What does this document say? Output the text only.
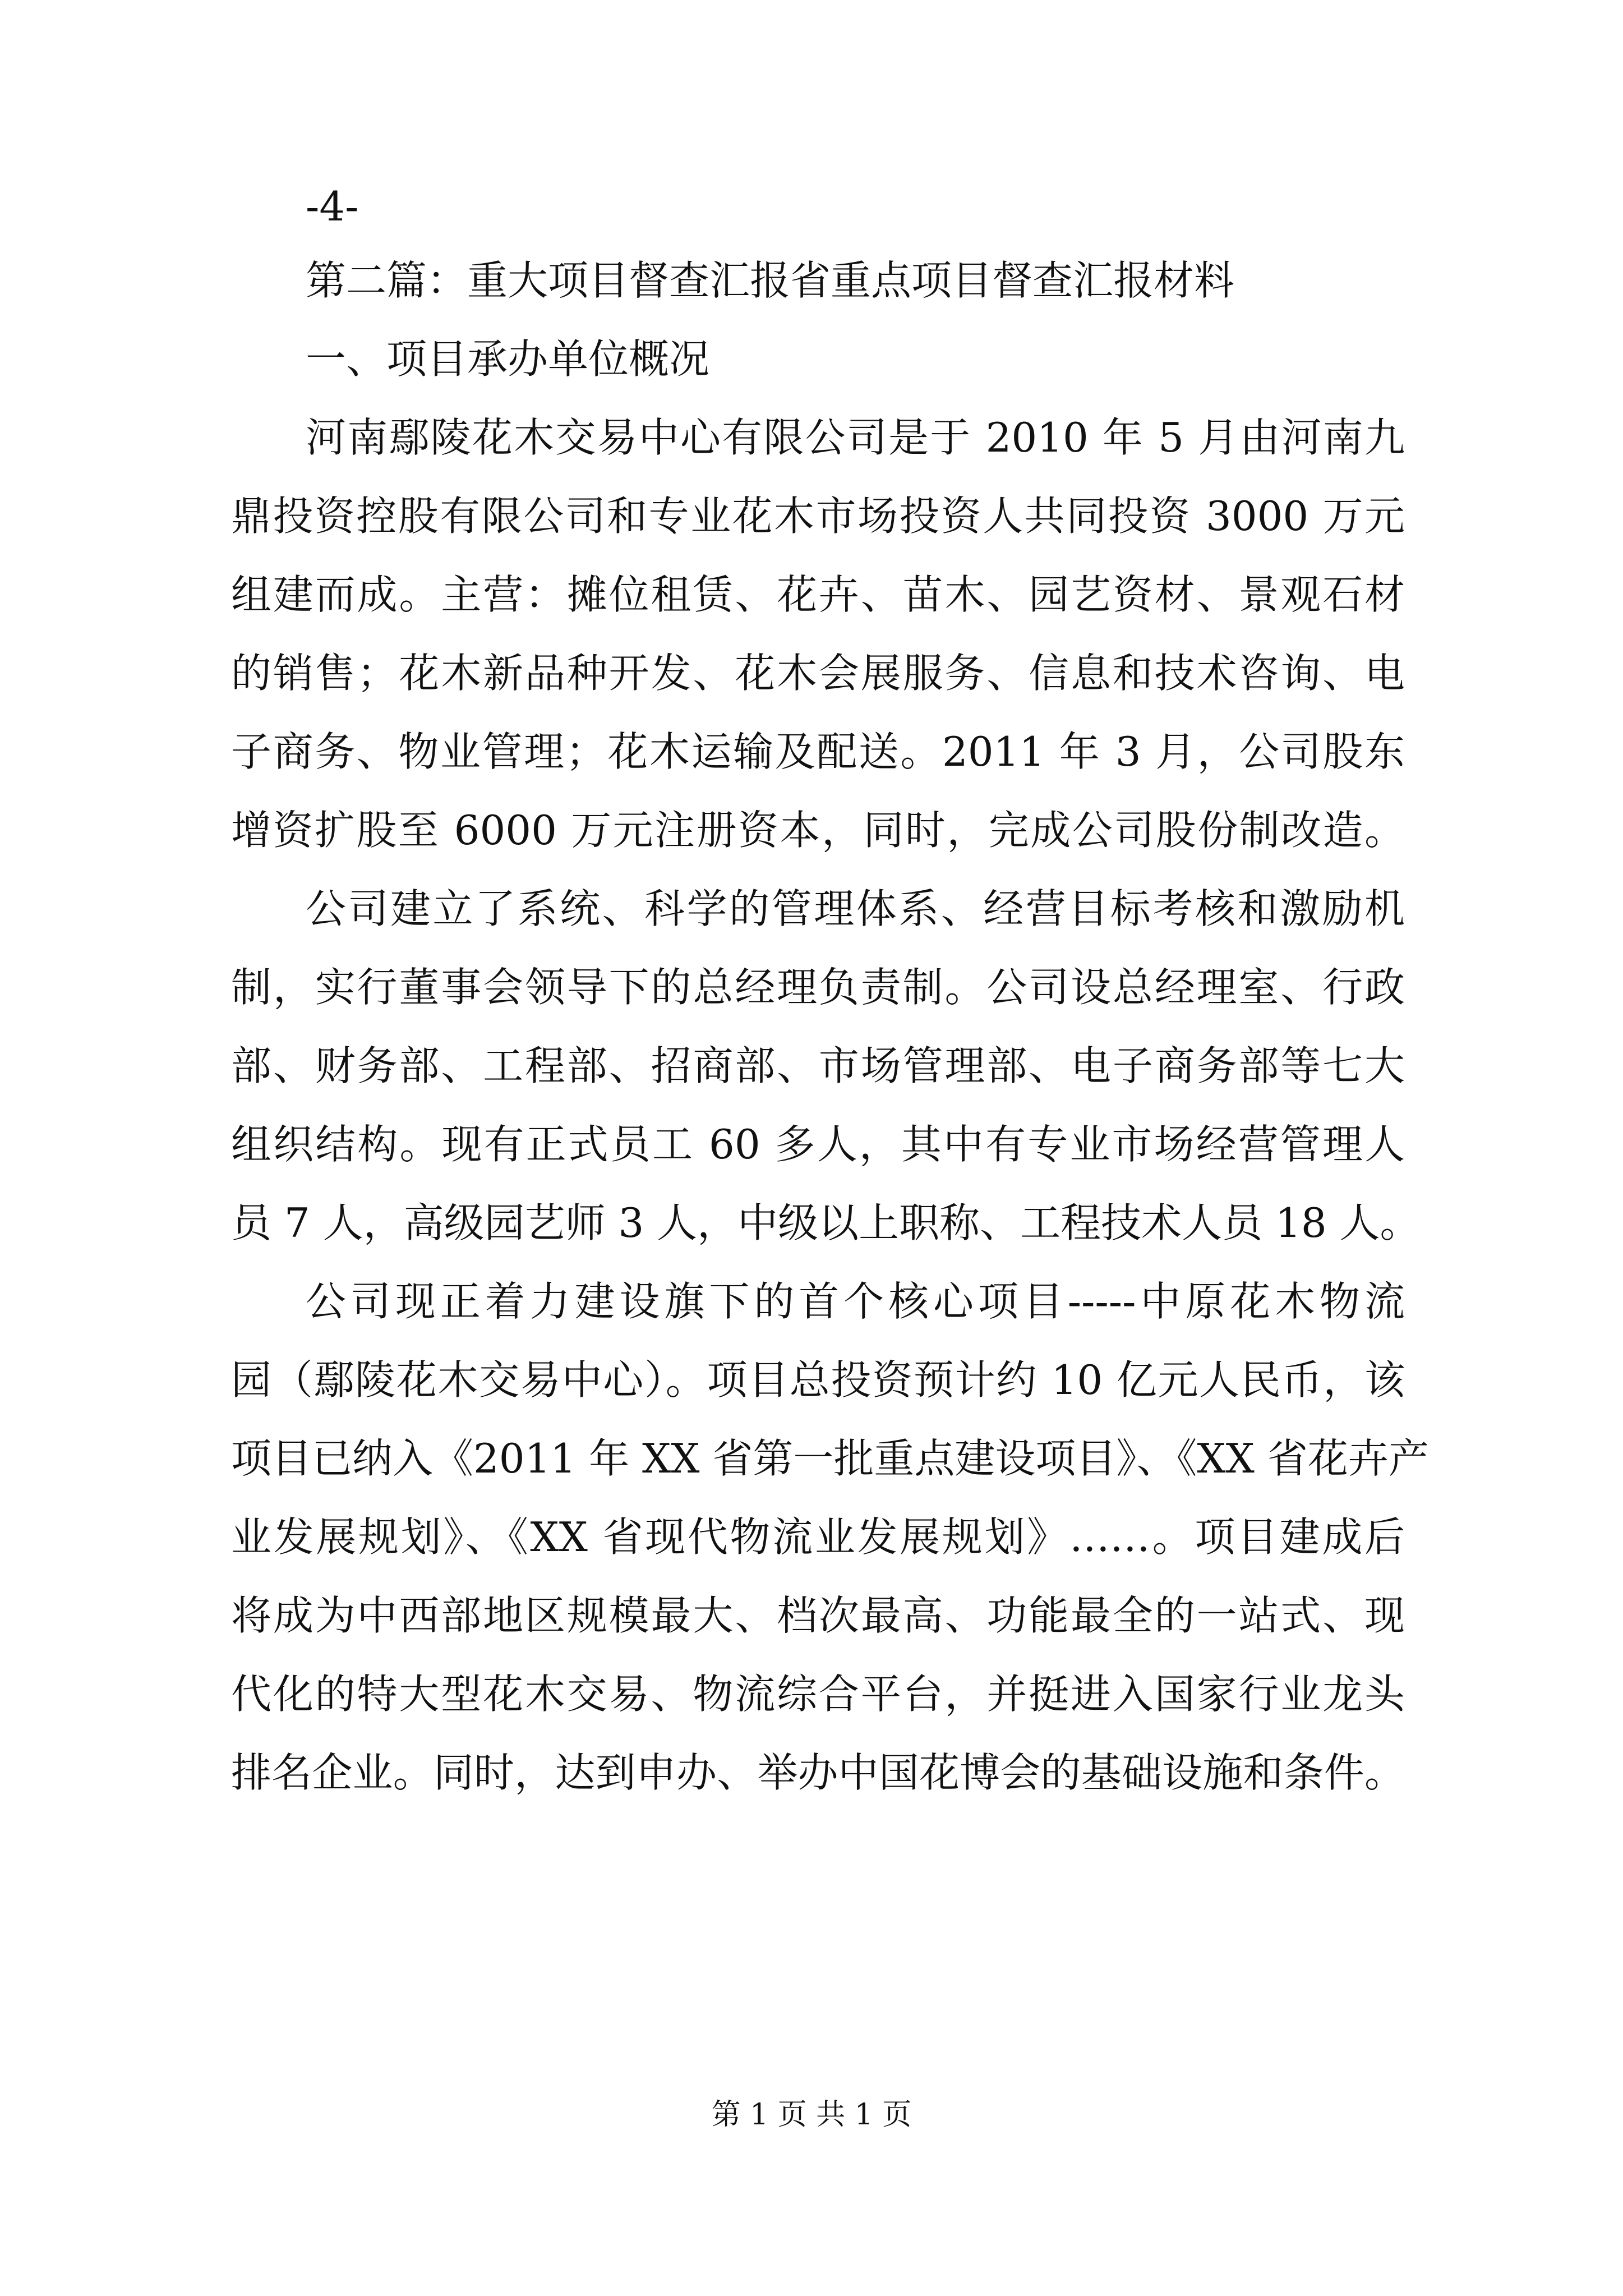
-4-
第二篇：重大项目督查汇报省重点项目督查汇报材料
一、项目承办单位概况
河南鄢陵花木交易中心有限公司是于 2010 年 5 月由河南九
鼎投资控股有限公司和专业花木市场投资人共同投资 3000 万元
组建而成。主营：摊位租赁、花卉、苗木、园艺资材、景观石材
的销售；花木新品种开发、花木会展服务、信息和技术咨询、电
子商务、物业管理；花木运输及配送。2011 年 3 月，公司股东
增资扩股至 6000 万元注册资本，同时，完成公司股份制改造。
公司建立了系统、科学的管理体系、经营目标考核和激励机
制，实行董事会领导下的总经理负责制。公司设总经理室、行政
部、财务部、工程部、招商部、市场管理部、电子商务部等七大
组织结构。现有正式员工 60 多人，其中有专业市场经营管理人
员 7 人，高级园艺师 3 人，中级以上职称、工程技术人员 18 人。
公司现正着力建设旗下的首个核心项目-----中原花木物流
园（鄢陵花木交易中心）。项目总投资预计约 10 亿元人民币，该
项目已纳入《2011 年 XX 省第一批重点建设项目》、《XX 省花卉产
业发展规划》、《XX 省现代物流业发展规划》……。项目建成后
将成为中西部地区规模最大、档次最高、功能最全的一站式、现
代化的特大型花木交易、物流综合平台，并挺进入国家行业龙头
排名企业。同时，达到申办、举办中国花博会的基础设施和条件。
第 1 页 共 1 页
